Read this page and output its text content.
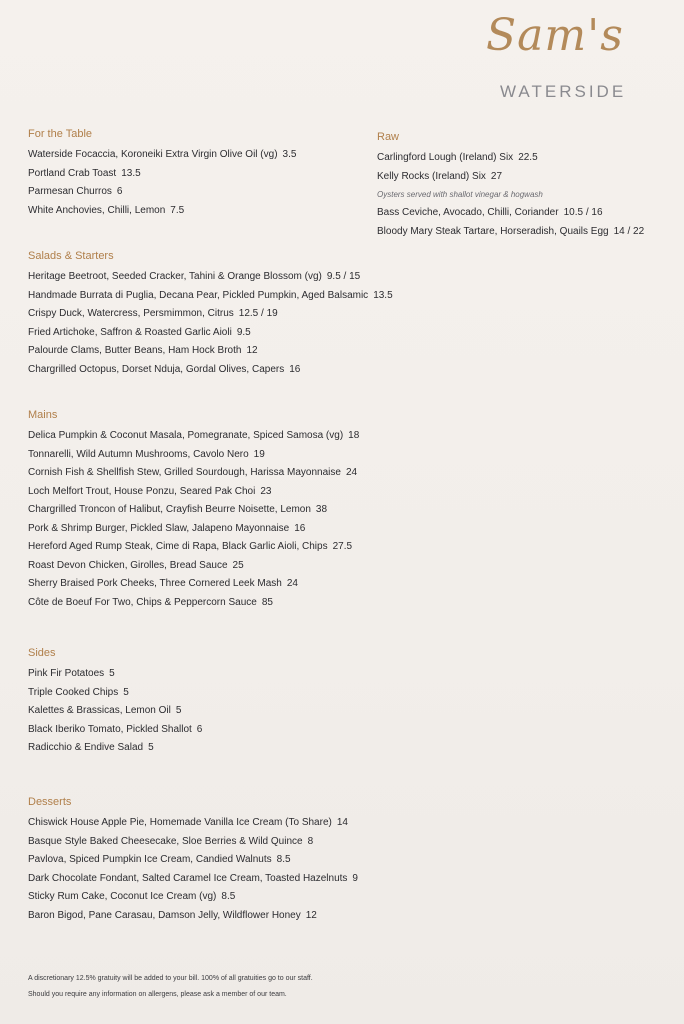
Sam's
WATERSIDE
For the Table
Waterside Focaccia, Koroneiki Extra Virgin Olive Oil (vg) 3.5
Portland Crab Toast 13.5
Parmesan Churros 6
White Anchovies, Chilli, Lemon 7.5
Raw
Carlingford Lough (Ireland) Six 22.5
Kelly Rocks (Ireland) Six 27
Oysters served with shallot vinegar & hogwash
Bass Ceviche, Avocado, Chilli, Coriander 10.5 / 16
Bloody Mary Steak Tartare, Horseradish, Quails Egg 14 / 22
Salads & Starters
Heritage Beetroot, Seeded Cracker, Tahini & Orange Blossom (vg) 9.5 / 15
Handmade Burrata di Puglia, Decana Pear, Pickled Pumpkin, Aged Balsamic 13.5
Crispy Duck, Watercress, Persmimmon, Citrus 12.5 / 19
Fried Artichoke, Saffron & Roasted Garlic Aioli 9.5
Palourde Clams, Butter Beans, Ham Hock Broth 12
Chargrilled Octopus, Dorset Nduja, Gordal Olives, Capers 16
Mains
Delica Pumpkin & Coconut Masala, Pomegranate, Spiced Samosa (vg) 18
Tonnarelli, Wild Autumn Mushrooms, Cavolo Nero 19
Cornish Fish & Shellfish Stew, Grilled Sourdough, Harissa Mayonnaise 24
Loch Melfort Trout, House Ponzu, Seared Pak Choi 23
Chargrilled Troncon of Halibut, Crayfish Beurre Noisette, Lemon 38
Pork & Shrimp Burger, Pickled Slaw, Jalapeno Mayonnaise 16
Hereford Aged Rump Steak, Cime di Rapa, Black Garlic Aioli, Chips 27.5
Roast Devon Chicken, Girolles, Bread Sauce 25
Sherry Braised Pork Cheeks, Three Cornered Leek Mash 24
Côte de Boeuf For Two, Chips & Peppercorn Sauce 85
Sides
Pink Fir Potatoes 5
Triple Cooked Chips 5
Kalettes & Brassicas, Lemon Oil 5
Black Iberiko Tomato, Pickled Shallot 6
Radicchio & Endive Salad 5
Desserts
Chiswick House Apple Pie, Homemade Vanilla Ice Cream (To Share) 14
Basque Style Baked Cheesecake, Sloe Berries & Wild Quince 8
Pavlova, Spiced Pumpkin Ice Cream, Candied Walnuts 8.5
Dark Chocolate Fondant, Salted Caramel Ice Cream, Toasted Hazelnuts 9
Sticky Rum Cake, Coconut Ice Cream (vg) 8.5
Baron Bigod, Pane Carasau, Damson Jelly, Wildflower Honey 12
A discretionary 12.5% gratuity will be added to your bill. 100% of all gratuities go to our staff.
Should you require any information on allergens, please ask a member of our team.
